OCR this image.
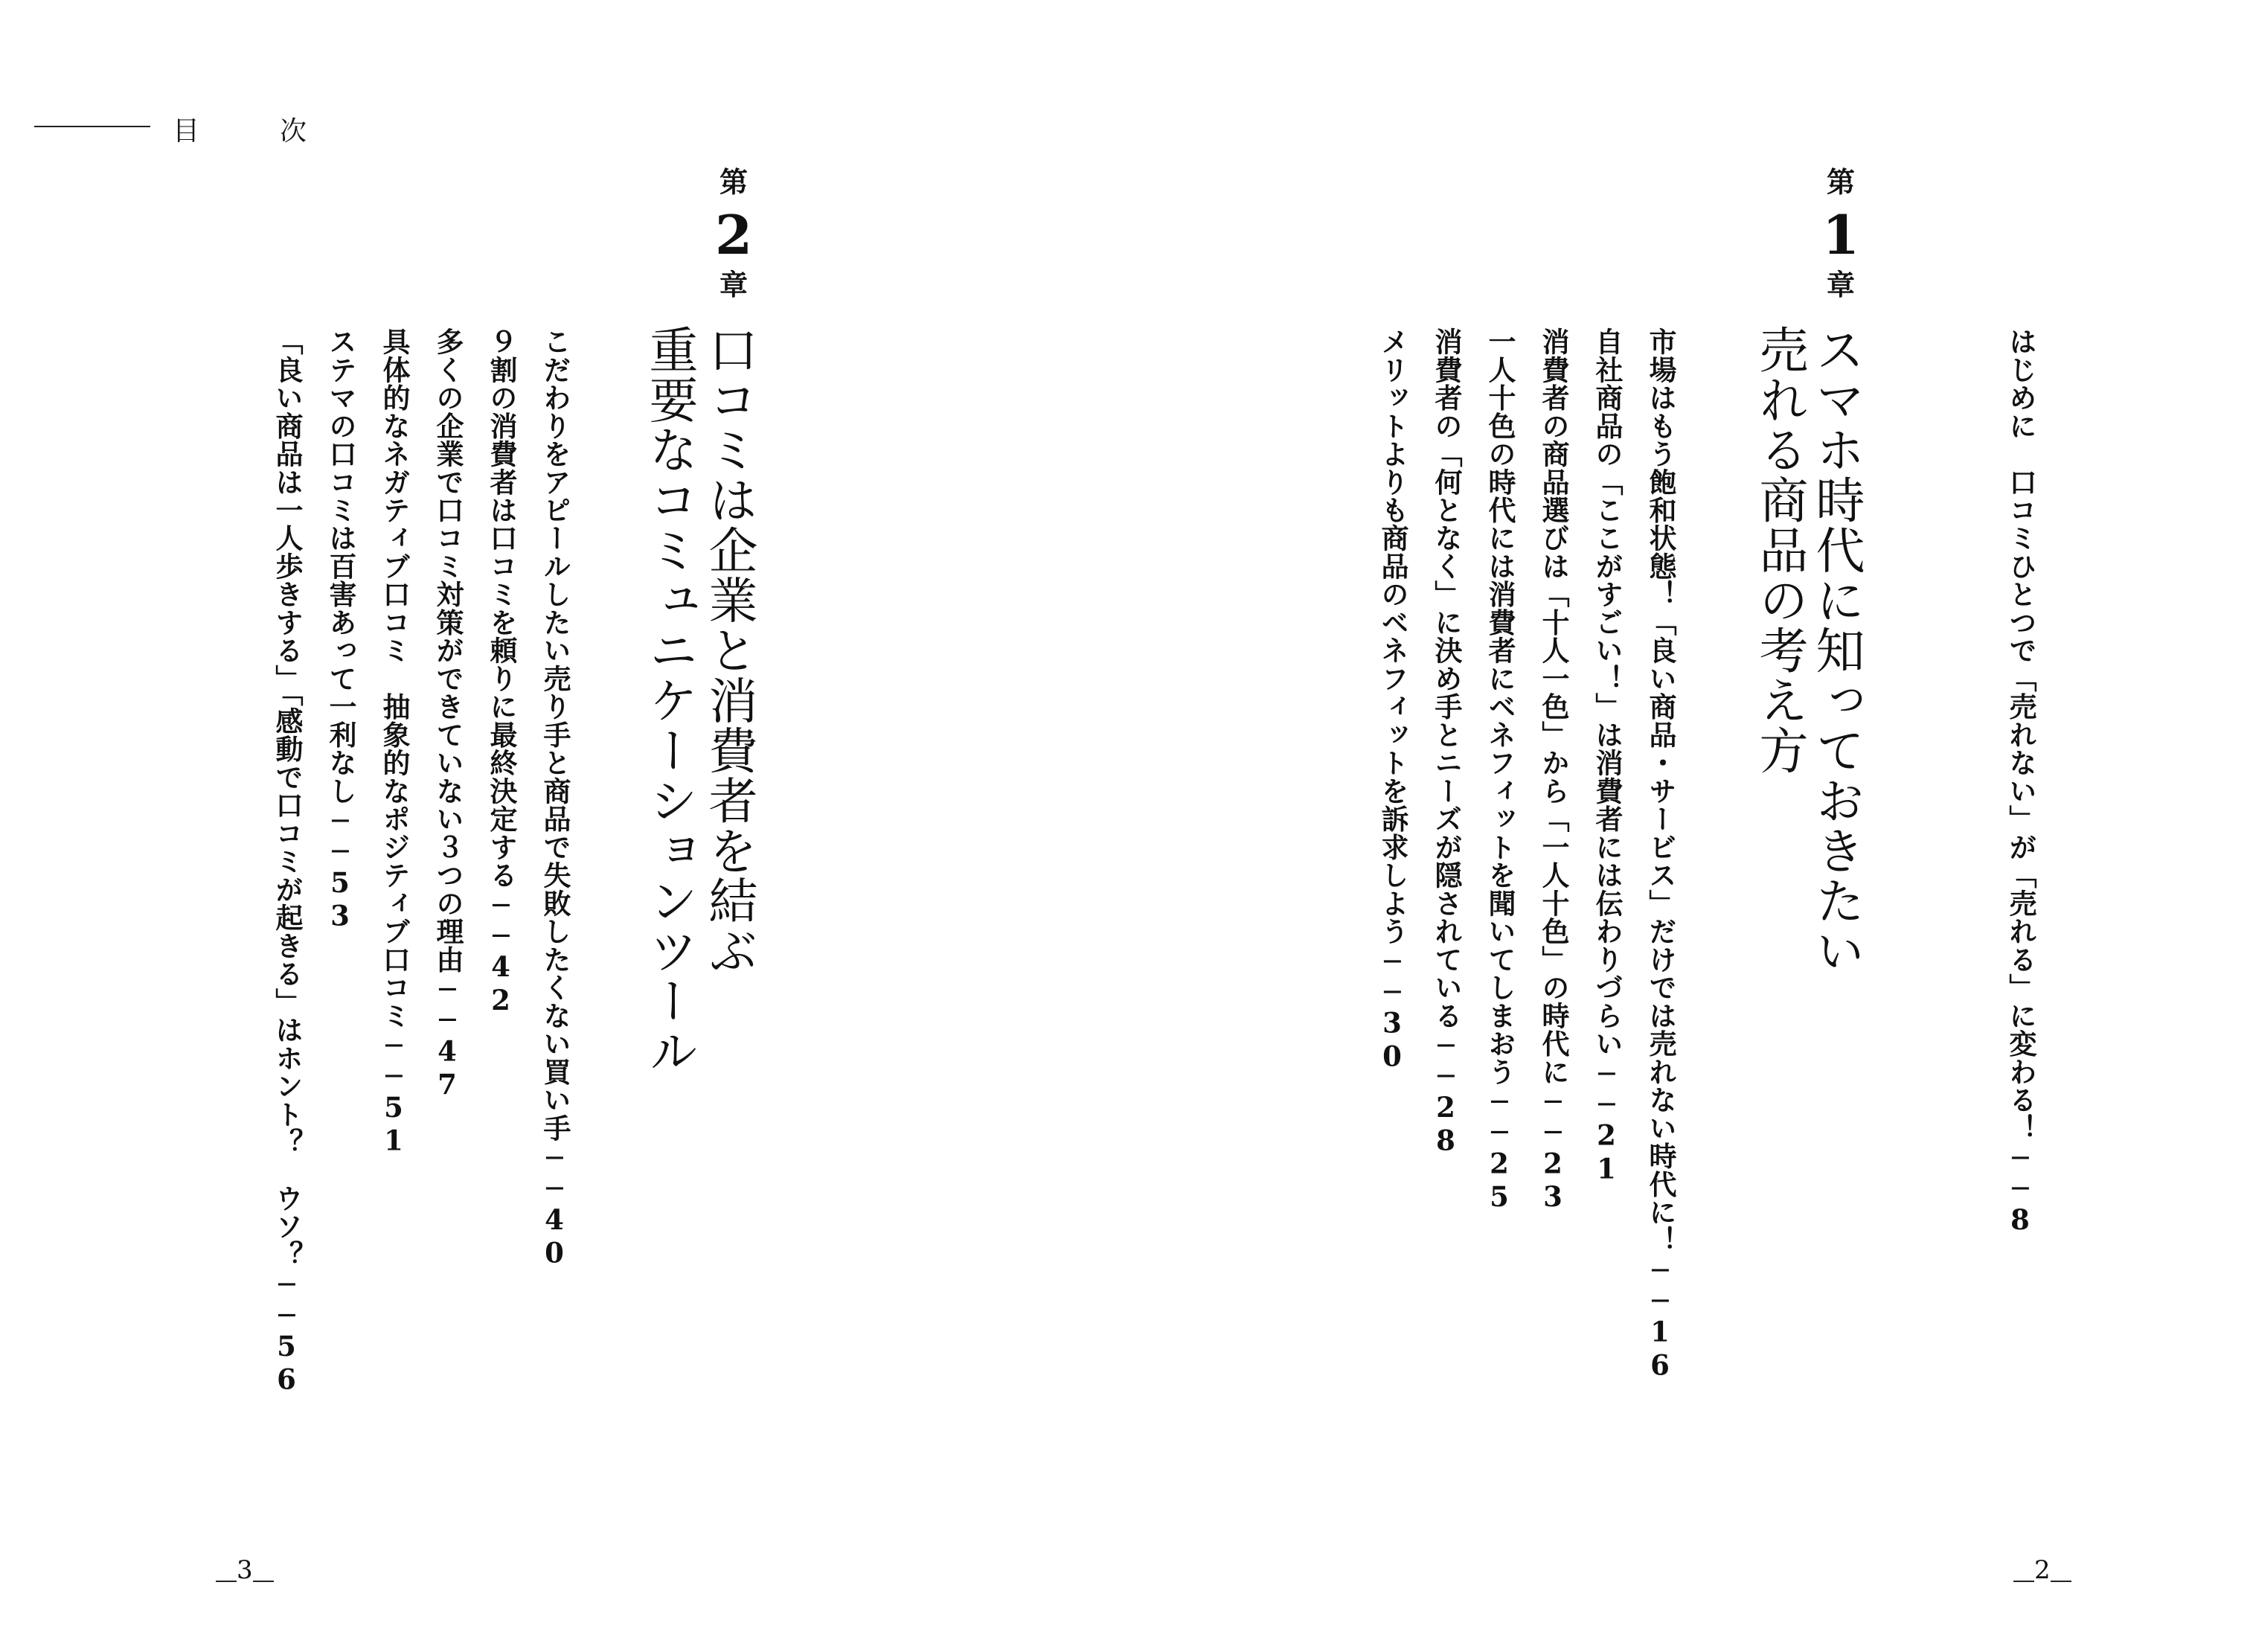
目　次
はじめに　口コミひとつで「売れない」が「売れる」に変わる！──8
第
1
章
スマホ時代に知っておきたい
売れる商品の考え方
市場はもう飽和状態！「良い商品・サービス」だけでは売れない時代に！──16
自社商品の「ここがすごい！」は消費者には伝わりづらい──21
消費者の商品選びは「十人一色」から「一人十色」の時代に──23
一人十色の時代には消費者にベネフィットを聞いてしまおう──25
消費者の「何となく」に決め手とニーズが隠されている──28
メリットよりも商品のベネフィットを訴求しよう──30
第
2
章
口コミは企業と消費者を結ぶ
重要なコミュニケーションツール
こだわりをアピールしたい売り手と商品で失敗したくない買い手──40
９割の消費者は口コミを頼りに最終決定する──42
多くの企業で口コミ対策ができていない３つの理由──47
具体的なネガティブ口コミ　抽象的なポジティブ口コミ──51
ステマの口コミは百害あって一利なし──53
「良い商品は一人歩きする」「感動で口コミが起きる」はホント？　ウソ？──56
3	2
